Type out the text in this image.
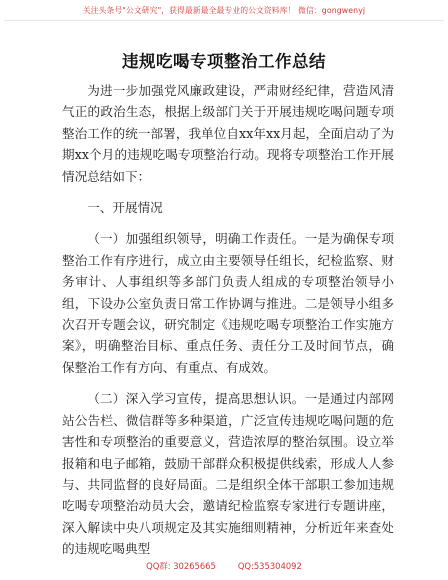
关注头条号"公文研究"，获得最新最全最专业的公文资料库！ 微信：gongwenyj
违规吃喝专项整治工作总结

为进一步加强党风廉政建设，严肃财经纪律，营造风清气正的政治生态，根据上级部门关于开展违规吃喝问题专项整治工作的统一部署，我单位自xx年xx月起，全面启动了为期xx个月的违规吃喝专项整治行动。现将专项整治工作开展情况总结如下：

一、开展情况

（一）加强组织领导，明确工作责任。一是为确保专项整治工作有序进行，成立由主要领导任组长，纪检监察、财务审计、人事组织等多部门负责人组成的专项整治领导小组，下设办公室负责日常工作协调与推进。二是领导小组多次召开专题会议，研究制定《违规吃喝专项整治工作实施方案》，明确整治目标、重点任务、责任分工及时间节点，确保整治工作有方向、有重点、有成效。

（二）深入学习宣传，提高思想认识。一是通过内部网站公告栏、微信群等多种渠道，广泛宣传违规吃喝问题的危害性和专项整治的重要意义，营造浓厚的整治氛围。设立举报箱和电子邮箱，鼓励干部群众积极提供线索，形成人人参与、共同监督的良好局面。二是组织全体干部职工参加违规吃喝专项整治动员大会，邀请纪检监察专家进行专题讲座，深入解读中央八项规定及其实施细则精神，分析近年来查处的违规吃喝典型

QQ群: 30265665	QQ:535304092
